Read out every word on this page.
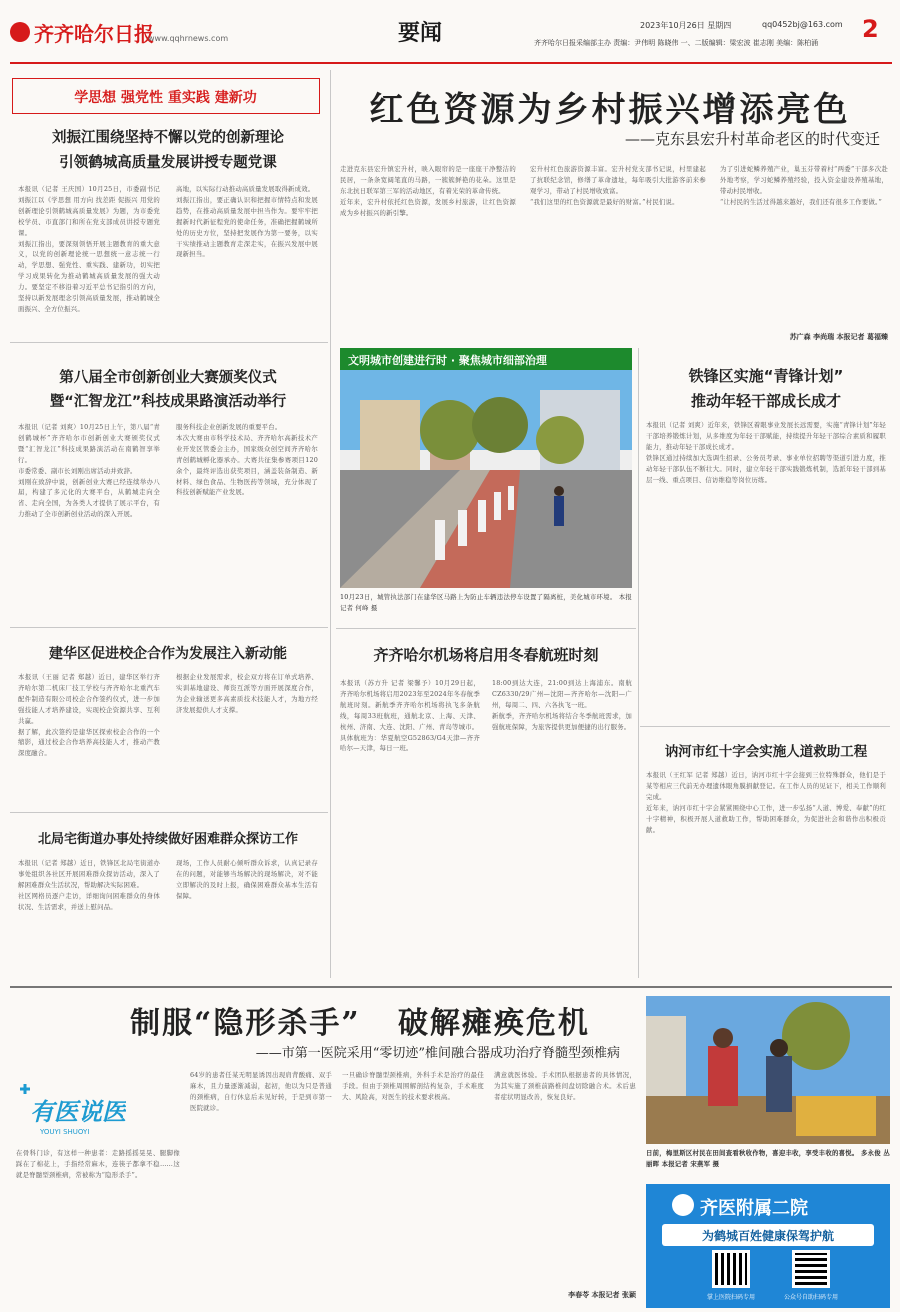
齐齐哈尔日报
www.qqhrnews.com	要闻	2023年10月26日 星期四	qq0452bj@163.com 2
齐齐哈尔日报采编部主办 责编：尹伟明 陈晓伟 一、二版编辑：梁宏波 崔志刚 美编：陈柏涌
学思想 强党性 重实践 建新功
刘振江围绕坚持不懈以党的创新理论
引领鹤城高质量发展讲授专题党课
本报讯（记者 王庆国）10月25日，市委副书记刘振江以《学思想 用方向 找差距 促振兴 用党的创新理论引领鹤城高质量发展》为题，为市委党校学员、市直部门和所在党支部成员讲授专题党课。
刘振江指出，要深刻领悟开展主题教育的重大意义，以党的创新理论统一思想统一意志统一行动，学思想、强党性、重实践、建新功，切实把学习成果转化为推动鹤城高质量发展的强大动力。要坚定不移沿着习近平总书记指引的方向，坚持以新发展理念引领高质量发展，推动鹤城全面振兴、全方位振兴。
高地，以实际行动推动高质量发展取得新成效。
刘振江指出，要正确认识和把握市情特点和发展趋势，在推动高质量发展中担当作为。要牢牢把握新时代新征程党的使命任务，准确把握鹤城所处的历史方位，坚持把发展作为第一要务，以实干实绩推动主题教育走深走实，在振兴发展中展现新担当。
第八届全市创新创业大赛颁奖仪式
暨“汇智龙江”科技成果路演活动举行
本报讯（记者 刘爽）10月25日上午，第八届“青创鹤城杯”齐齐哈尔市创新创业大赛颁奖仪式暨“汇智龙江”科技成果路演活动在南鹤智享举行。
市委常委、副市长刘刚出席活动并致辞。
刘刚在致辞中说，创新创业大赛已经连续举办八届，构建了多元化的大赛平台，从鹤城走向全省、走向全国，为各类人才提供了展示平台，有力推动了全市创新创业活动的深入开展。
服务科技企业创新发展的重要平台。
本次大赛由市科学技术局、齐齐哈尔高新技术产业开发区管委会主办，国家级众创空间齐齐哈尔青创鹤城孵化器承办。大赛共征集参赛项目120余个，最终评选出获奖项目，涵盖装备制造、新材料、绿色食品、生物医药等领域，充分体现了科技创新赋能产业发展。
建华区促进校企合作为发展注入新动能
本报讯（王丽 记者 郑越）近日，建华区举行齐齐哈尔第二机床厂技工学校与齐齐哈尔北重汽车配件制造有限公司校企合作签约仪式，进一步加强技能人才培养建设，实现校企资源共享、互利共赢。
据了解，此次签约是建华区探索校企合作的一个缩影，通过校企合作培养高技能人才，推动产教深度融合。
根据企业发展需求，校企双方将在订单式培养、实训基地建设、师资互派等方面开展深度合作，为企业输送更多高素质技术技能人才，为地方经济发展提供人才支撑。
北局宅街道办事处持续做好困难群众探访工作
本报讯（记者 郑越）近日，铁锋区北局宅街道办事处组织各社区开展困难群众探访活动，深入了解困难群众生活状况，帮助解决实际困难。
社区网格员逐户走访，详细询问困难群众的身体状况、生活需求，并送上慰问品。
现场，工作人员耐心倾听群众诉求，认真记录存在的问题，对能够当场解决的现场解决，对不能立即解决的及时上报，确保困难群众基本生活有保障。
红色资源为乡村振兴增添亮色
——克东县宏升村革命老区的时代变迁
走进克东县宏升镇宏升村，映入眼帘的是一座座干净整洁的民居，一条条宽阔笔直的马路，一簇簇鲜艳的花朵。这里是东北抗日联军第三军的活动地区，有着光荣的革命传统。
近年来，宏升村依托红色资源，发展乡村旅游，让红色资源成为乡村振兴的新引擎。
宏升村红色旅游资源丰富。宏升村党支部书记说，村里建起了抗联纪念馆，修缮了革命遗址，每年吸引大批游客前来参观学习，带动了村民增收致富。
“我们这里的红色资源就是最好的财富。”村民们说。
为了引进蛇鳞养殖产业，巢玉芬带着村“两委”干部多次赴外地考察，学习蛇鳞养殖经验，投入资金建设养殖基地，带动村民增收。
“让村民的生活过得越来越好，我们还有很多工作要做。”
苏广森 李尚瑞 本报记者 葛福臻
文明城市创建进行时 · 聚焦城市细部治理
10月23日，城管执法部门在建华区马路上为防止车辆违法停车设置了隔离桩，美化城市环境。 本报记者 何峰 摄
齐齐哈尔机场将启用冬春航班时刻
本报讯（苏方升 记者 梁馨予）10月29日起，齐齐哈尔机场将启用2023年至2024年冬春航季航班时刻。新航季齐齐哈尔机场将执飞多条航线，每周33班航班，通航北京、上海、天津、杭州、济南、大连、沈阳、广州、青岛等城市。
具体航班为：华夏航空G52863/G4天津—齐齐哈尔—天津，每日一班。
18:00到达大连，21:00到达上海浦东。南航CZ6330/29广州—沈阳—齐齐哈尔—沈阳—广州，每周二、四、六各执飞一班。
新航季，齐齐哈尔机场将结合冬季航班需求，加强航班保障，为旅客提供更加便捷的出行服务。
铁锋区实施“青锋计划”
推动年轻干部成长成才
本报讯（记者 刘爽）近年来，铁锋区着眼事业发展长远需要，实施“青锋计划”年轻干部培养锻炼计划，从多维度为年轻干部赋能，持续提升年轻干部综合素质和履职能力，推动年轻干部成长成才。
铁锋区通过持续加大选调生招录、公务员考录、事业单位招聘等渠道引进力度，推动年轻干部队伍不断壮大。同时，建立年轻干部实践锻炼机制，选派年轻干部到基层一线、重点项目、信访维稳等岗位历练。
讷河市红十字会实施人道救助工程
本报讯（王红军 记者 郑越）近日，讷河市红十字会接到三位特殊群众，他们是于某等相应三代前无办理遗体眼角膜捐献登记。在工作人员的见证下，相关工作顺利完成。
近年来，讷河市红十字会紧紧围绕中心工作，进一步弘扬“人道、博爱、奉献”的红十字精神，积极开展人道救助工作，帮助困难群众，为促进社会和谐作出积极贡献。
制服“隐形杀手”   破解瘫痪危机
——市第一医院采用“零切迹”椎间融合器成功治疗脊髓型颈椎病
有医说医
YOUYI SHUOYI
在骨科门诊，有这样一种患者：走路摇摇晃晃、腿脚像踩在了棉花上，手指经常麻木，连筷子都拿不稳……这就是脊髓型颈椎病，常被称为“隐形杀手”。
64岁的患者任某无明显诱因出现肩背酸痛、双手麻木，且力量逐渐减弱，起初，他以为只是普通的颈椎病，自行休息后未见好转，于是到市第一医院就诊。
一旦确诊脊髓型颈椎病，外科手术是治疗的最佳手段。但由于颈椎周围解剖结构复杂，手术难度大、风险高，对医生的技术要求极高。
满意就医体验。手术团队根据患者的具体情况，为其实施了颈椎前路椎间盘切除融合术。术后患者症状明显改善，恢复良好。
李春苓 本报记者 张颖
日前，梅里斯区村民在田间查看秋收作物，喜迎丰收，享受丰收的喜悦。 多永俊 丛丽晖 本报记者 宋燕军 摄
齐医附属二院
为鹤城百姓健康保驾护航
掌上医院扫码专用	公众号自助扫码专用
